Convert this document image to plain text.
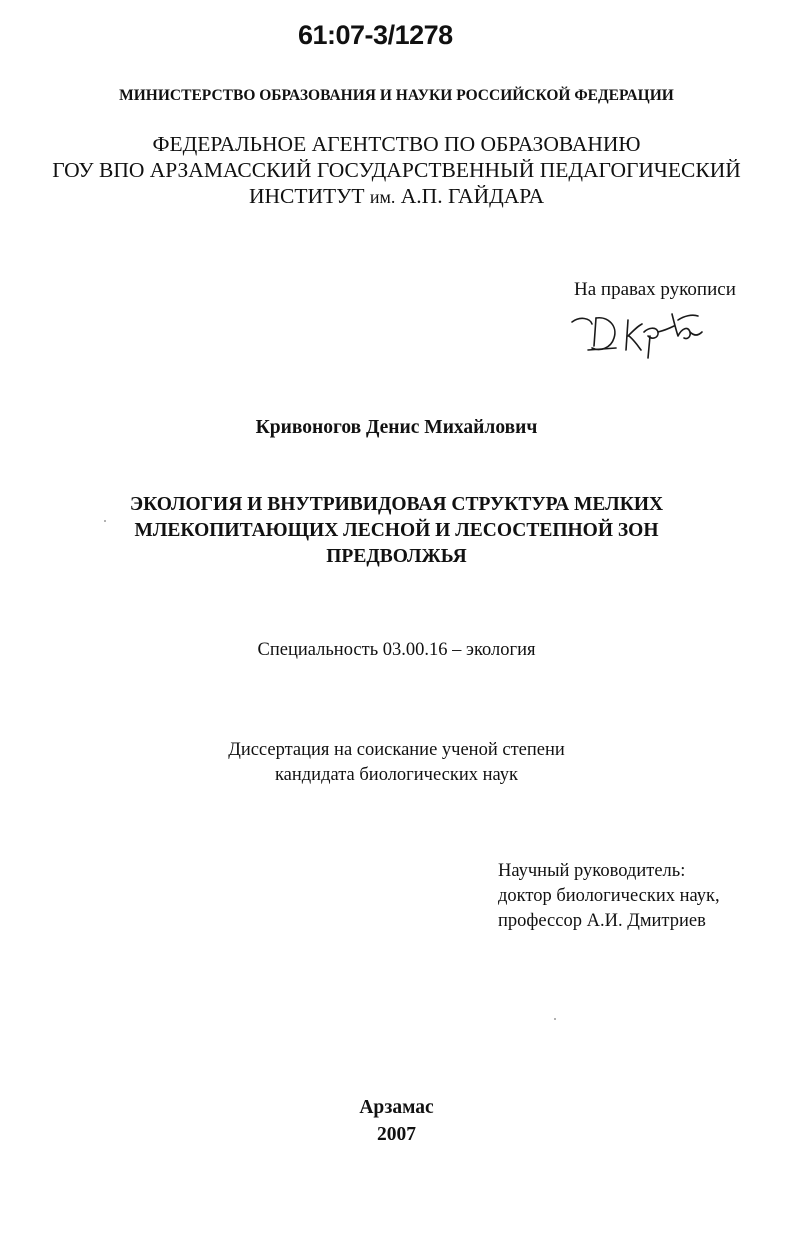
61:07-3/1278
МИНИСТЕРСТВО ОБРАЗОВАНИЯ И НАУКИ РОССИЙСКОЙ ФЕДЕРАЦИИ
ФЕДЕРАЛЬНОЕ АГЕНТСТВО ПО ОБРАЗОВАНИЮ
ГОУ ВПО АРЗАМАССКИЙ ГОСУДАРСТВЕННЫЙ ПЕДАГОГИЧЕСКИЙ
ИНСТИТУТ им. А.П. ГАЙДАРА
На правах рукописи
Кривоногов Денис Михайлович
ЭКОЛОГИЯ И ВНУТРИВИДОВАЯ СТРУКТУРА МЕЛКИХ
МЛЕКОПИТАЮЩИХ ЛЕСНОЙ И ЛЕСОСТЕПНОЙ ЗОН
ПРЕДВОЛЖЬЯ
Специальность 03.00.16 – экология
Диссертация на соискание ученой степени
кандидата биологических наук
Научный руководитель:
доктор биологических наук,
профессор А.И. Дмитриев
Арзамас
2007
